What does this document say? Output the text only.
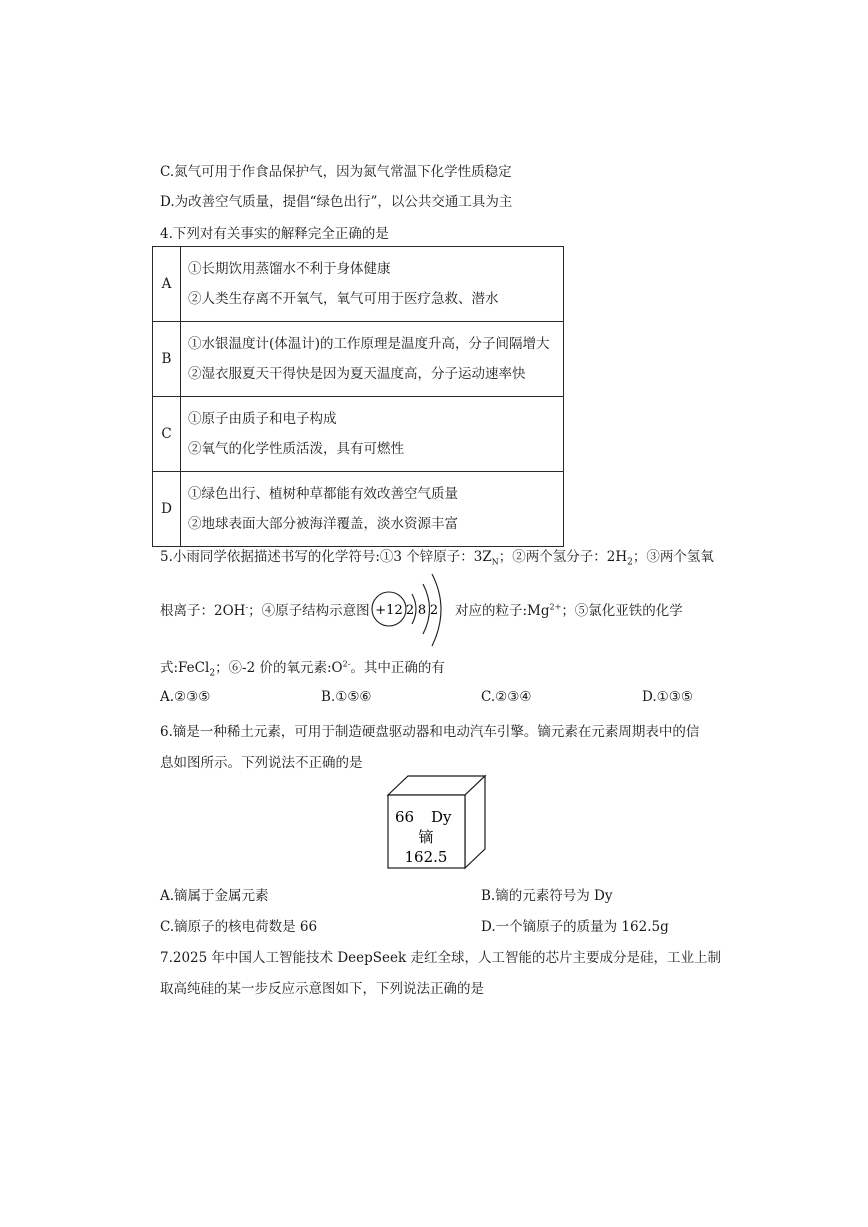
C.氮气可用于作食品保护气，因为氮气常温下化学性质稳定
D.为改善空气质量，提倡“绿色出行”，以公共交通工具为主
4.下列对有关事实的解释完全正确的是
A	①长期饮用蒸馏水不利于身体健康
②人类生存离不开氧气，氧气可用于医疗急救、潜水

B	①水银温度计(体温计)的工作原理是温度升高，分子间隔增大
②湿衣服夏天干得快是因为夏天温度高，分子运动速率快

C	①原子由质子和电子构成
②氧气的化学性质活泼，具有可燃性

D	①绿色出行、植树种草都能有效改善空气质量
②地球表面大部分被海洋覆盖，淡水资源丰富
5.小雨同学依据描述书写的化学符号:①3 个锌原子：$3Z_N$；②两个氢分子：$2H_2$；③两个氢氧
根离子：2OH-；④原子结构示意图 +12 2 8 2 对应的粒子$:Mg^{2+}$；⑤氯化亚铁的化学
式:FeCl$_2$；⑥-2 价的氧元素$:O^{2-}$。其中正确的有
A.②③⑤	B.①⑤⑥	C.②③④	D.①③⑤
6.镝是一种稀土元素，可用于制造硬盘驱动器和电动汽车引擎。镝元素在元素周期表中的信
息如图所示。下列说法不正确的是
66 Dy
镝
162.5
A.镝属于金属元素	B.镝的元素符号为 Dy
C.镝原子的核电荷数是 66	D.一个镝原子的质量为 162.5g
7.2025 年中国人工智能技术 DeepSeek 走红全球，人工智能的芯片主要成分是硅，工业上制
取高纯硅的某一步反应示意图如下，下列说法正确的是
